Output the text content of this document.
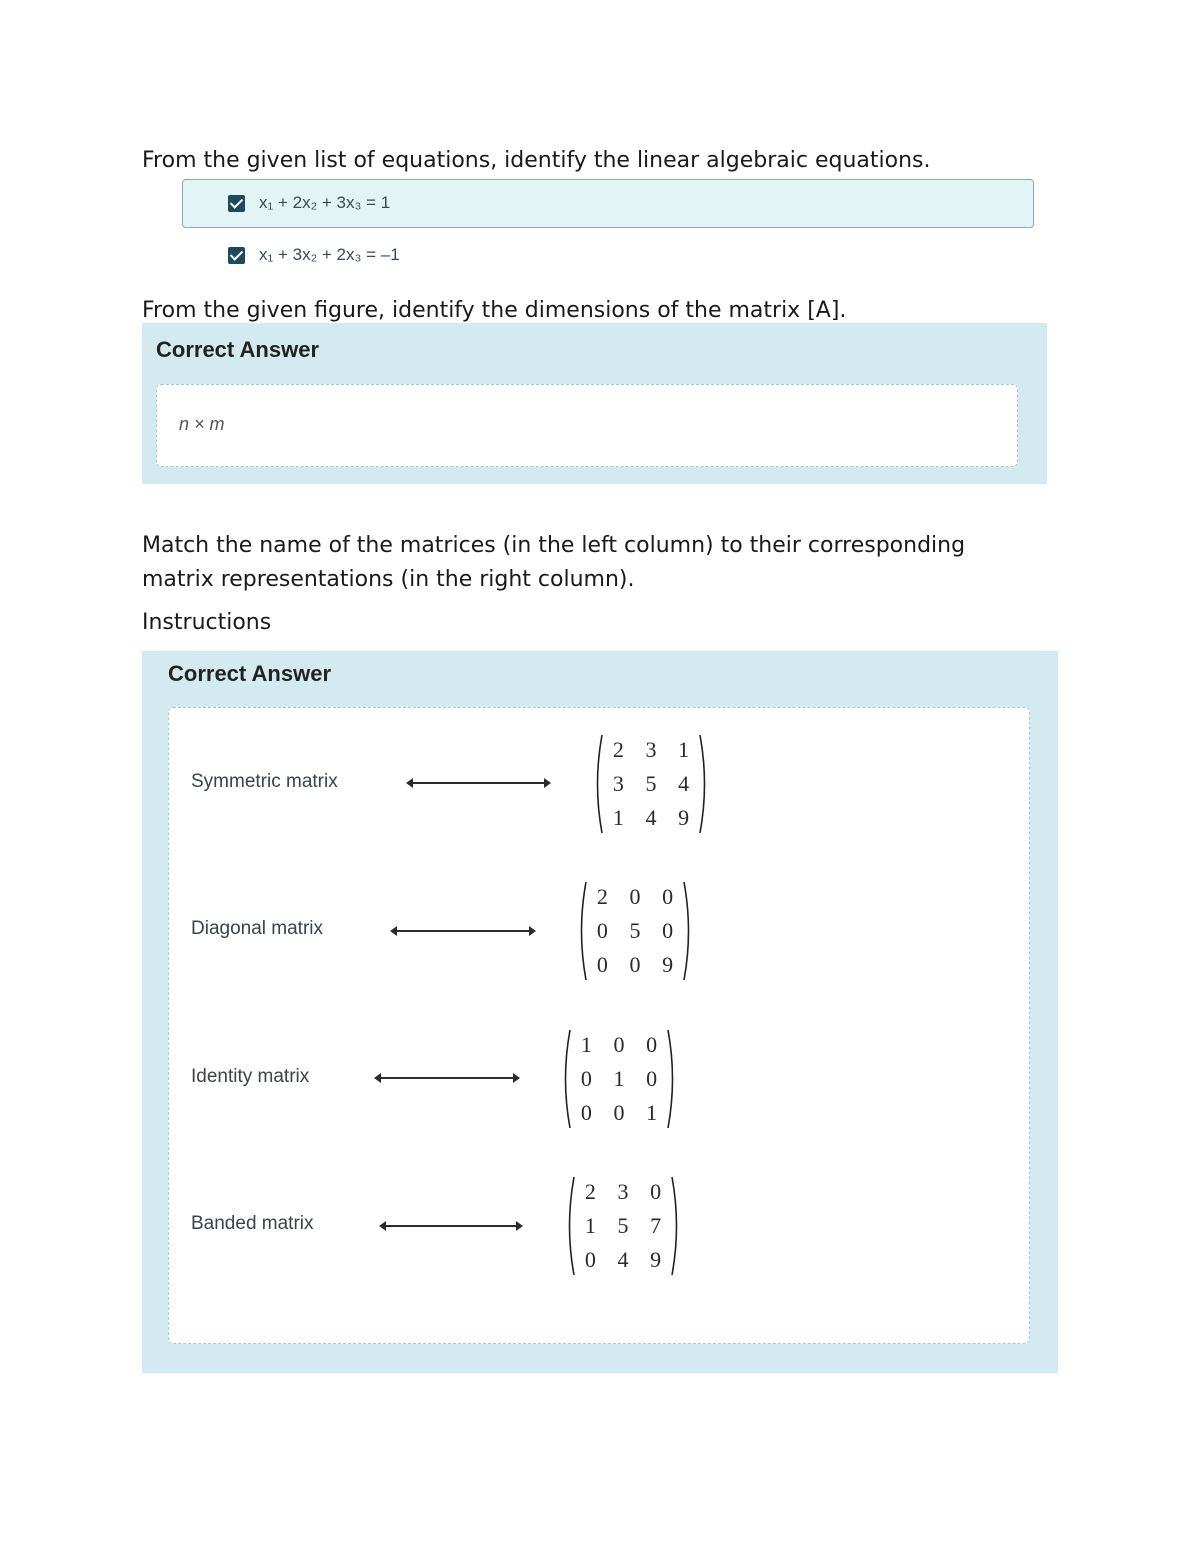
From the given list of equations, identify the linear algebraic equations.

x₁ + 2x₂ + 3x₃ = 1
x₁ + 3x₂ + 2x₃ = –1

From the given figure, identify the dimensions of the matrix [A].

Correct Answer
n × m

Match the name of the matrices (in the left column) to their corresponding

matrix representations (in the right column).

Instructions

Correct Answer
Symmetric matrix
2 3 1
3 5 4
1 4 9
Diagonal matrix
2 0 0
0 5 0
0 0 9
Identity matrix
1 0 0
0 1 0
0 0 1
Banded matrix
2 3 0
1 5 7
0 4 9
